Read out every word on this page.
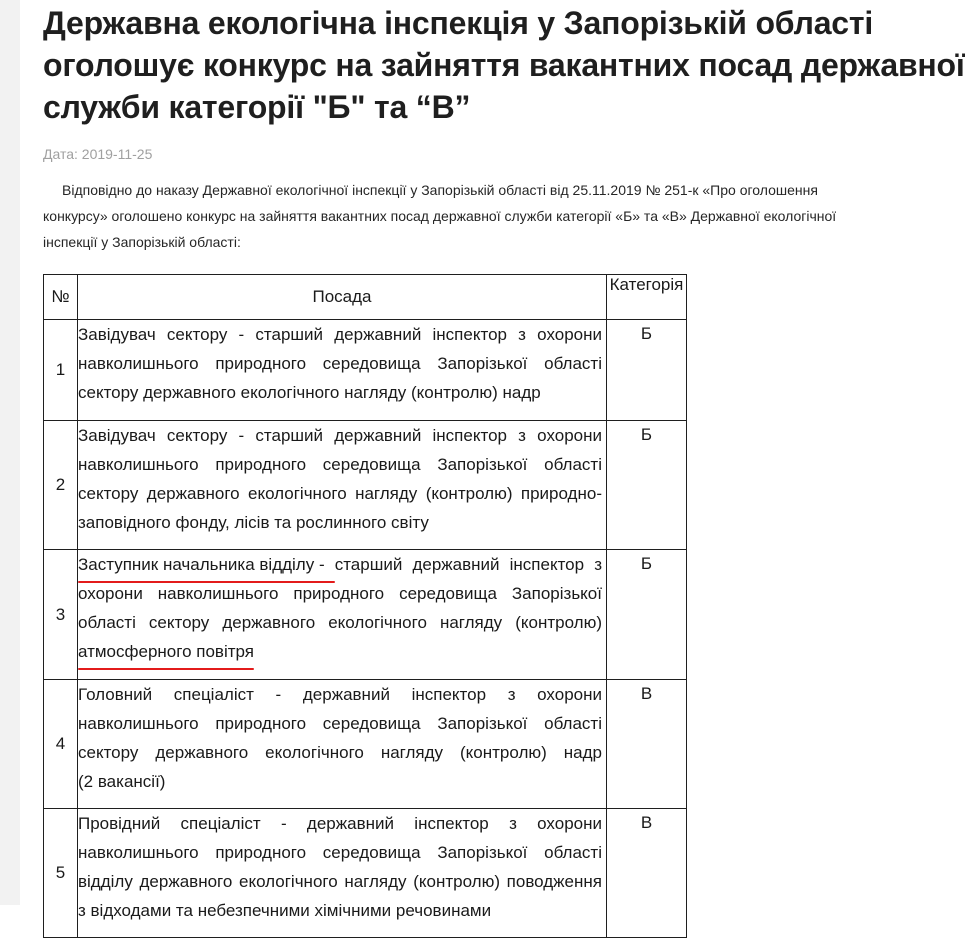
Державна екологічна інспекція у Запорізькій області
оголошує конкурс на зайняття вакантних посад державної
служби категорії "Б" та “В”
Дата: 2019-11-25
Відповідно до наказу Державної екологічної інспекції у Запорізькій області від 25.11.2019 № 251-к «Про оголошення
конкурсу» оголошено конкурс на зайняття вакантних посад державної служби категорії «Б» та «В» Державної екологічної
інспекції у Запорізькій області:
№	Посада	Категорія
1	Завідувач сектору - старший державний інспектор з охорони
навколишнього природного середовища Запорізької області
сектору державного екологічного нагляду (контролю) надр	Б
2	Завідувач сектору - старший державний інспектор з охорони
навколишнього природного середовища Запорізької області
сектору державного екологічного нагляду (контролю) природно-
заповідного фонду, лісів та рослинного світу	Б
3	Заступник начальника відділу - старший державний інспектор з
охорони навколишнього природного середовища Запорізької
області сектору державного екологічного нагляду (контролю)
атмосферного повітря	Б
4	Головний спеціаліст - державний інспектор з охорони
навколишнього природного середовища Запорізької області
сектору державного екологічного нагляду (контролю) надр
(2 вакансії)	В
5	Провідний спеціаліст - державний інспектор з охорони
навколишнього природного середовища Запорізької області
відділу державного екологічного нагляду (контролю) поводження
з відходами та небезпечними хімічними речовинами	В
